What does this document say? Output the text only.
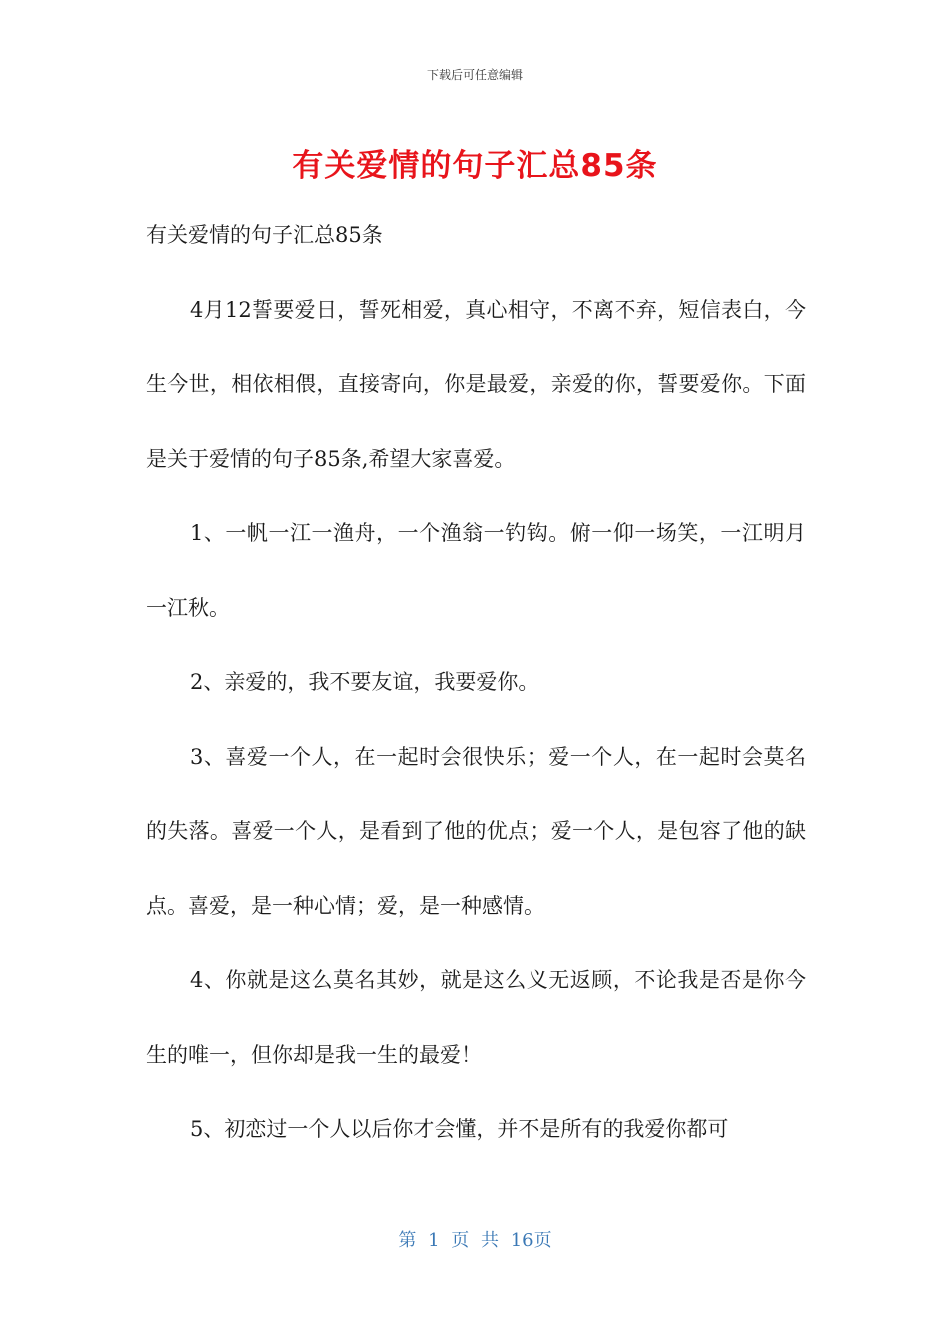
下载后可任意编辑
有关爱情的句子汇总85条

有关爱情的句子汇总85条

4月12誓要爱日，誓死相爱，真心相守，不离不弃，短信表白，今生今世，相依相偎，直接寄向，你是最爱，亲爱的你，誓要爱你。下面是关于爱情的句子85条,希望大家喜爱。

1、一帆一江一渔舟，一个渔翁一钓钩。俯一仰一场笑，一江明月一江秋。

2、亲爱的，我不要友谊，我要爱你。

3、喜爱一个人，在一起时会很快乐；爱一个人，在一起时会莫名的失落。喜爱一个人，是看到了他的优点；爱一个人，是包容了他的缺点。喜爱，是一种心情；爱，是一种感情。

4、你就是这么莫名其妙，就是这么义无返顾，不论我是否是你今生的唯一，但你却是我一生的最爱！

5、初恋过一个人以后你才会懂，并不是所有的我爱你都可

第 1 页 共 16页
